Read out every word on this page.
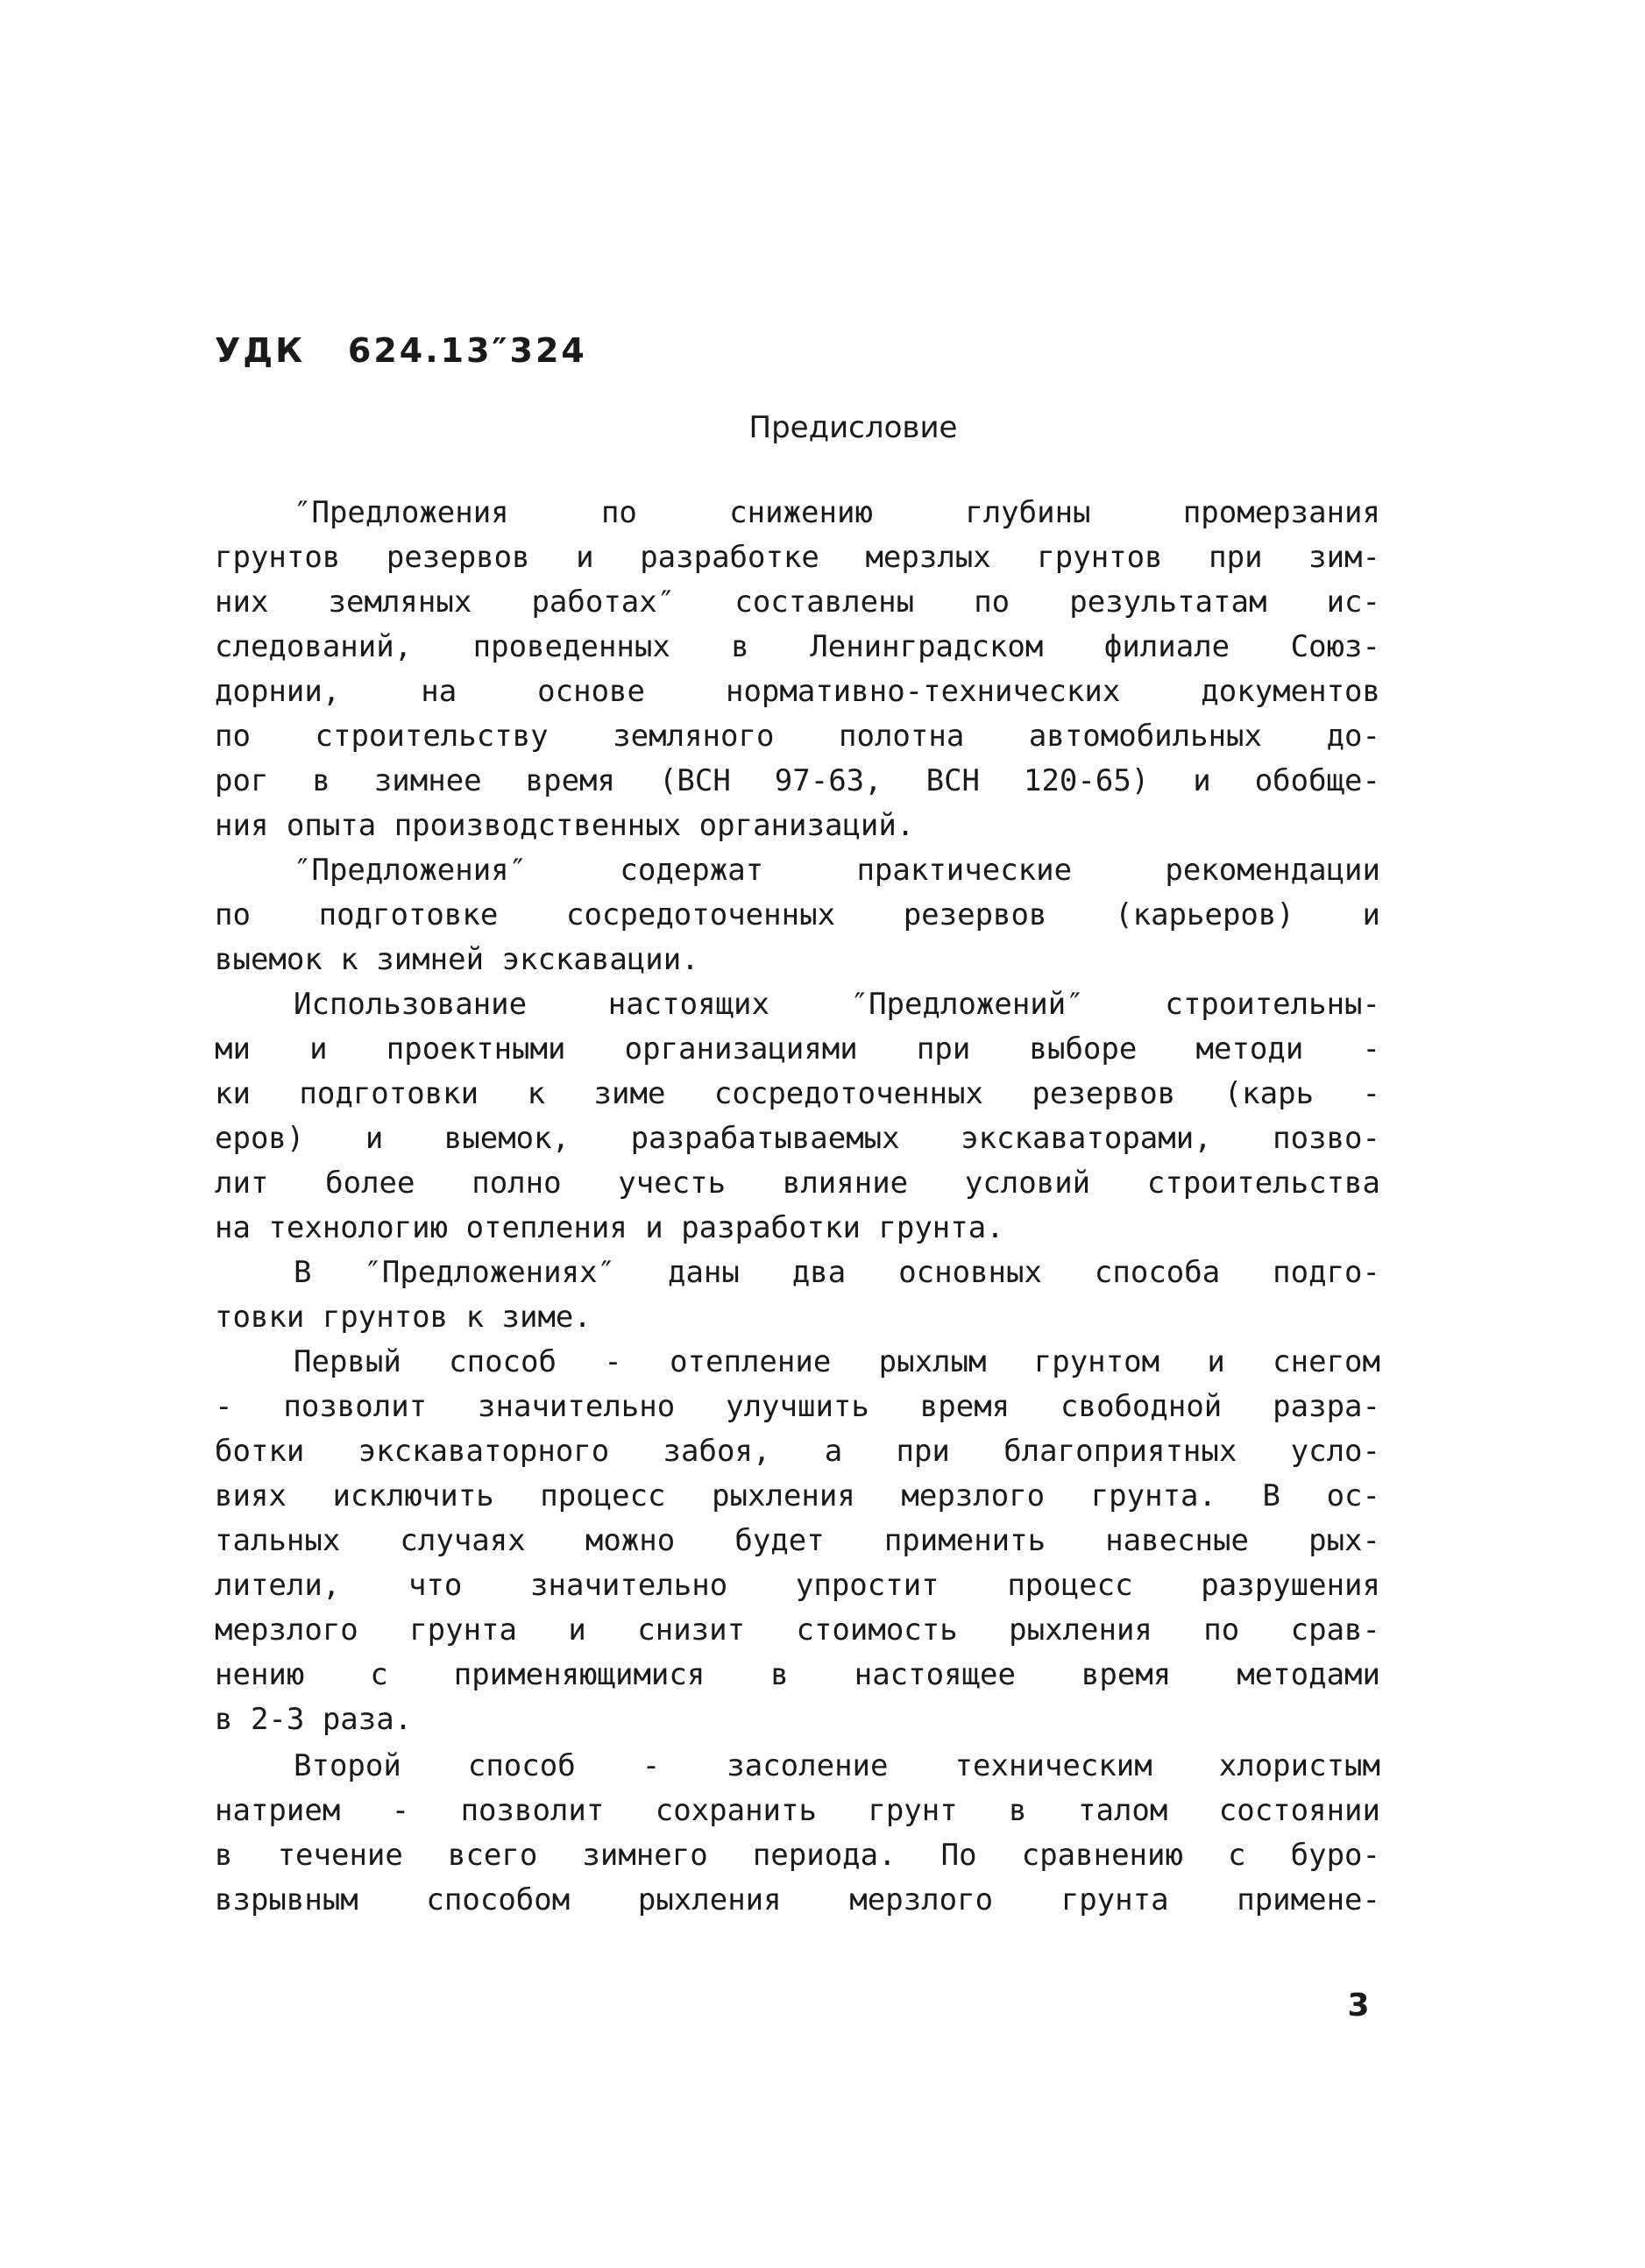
УДК   624.13″324
Предисловие
″Предложения по снижению глубины промерзания
грунтов резервов и разработке мерзлых грунтов при зим-
них земляных работах″ составлены по результатам ис-
следований, проведенных в Ленинградском филиале Союз-
дорнии, на основе нормативно-технических документов
по строительству земляного полотна автомобильных до-
рог в зимнее время (ВСН 97-63, ВСН 120-65) и обобще-
ния опыта производственных организаций.
″Предложения″ содержат практические рекомендации
по подготовке сосредоточенных резервов (карьеров) и
выемок к зимней экскавации.
Использование настоящих ″Предложений″ строительны-
ми и проектными организациями при выборе методи -
ки подготовки к зиме сосредоточенных резервов (карь -
еров) и выемок, разрабатываемых экскаваторами, позво-
лит более полно учесть влияние условий строительства
на технологию отепления и разработки грунта.
В ″Предложениях″ даны два основных способа подго-
товки грунтов к зиме.
Первый способ - отепление рыхлым грунтом и снегом
- позволит значительно улучшить время свободной разра-
ботки экскаваторного забоя, а при благоприятных усло-
виях исключить процесс рыхления мерзлого грунта. В ос-
тальных случаях можно будет применить навесные рых-
лители, что значительно упростит процесс разрушения
мерзлого грунта и снизит стоимость рыхления по срав-
нению с применяющимися в настоящее время методами
в 2-3 раза.
Второй способ - засоление техническим хлористым
натрием - позволит сохранить грунт в талом состоянии
в течение всего зимнего периода. По сравнению с буро-
взрывным способом рыхления мерзлого грунта примене-
3
